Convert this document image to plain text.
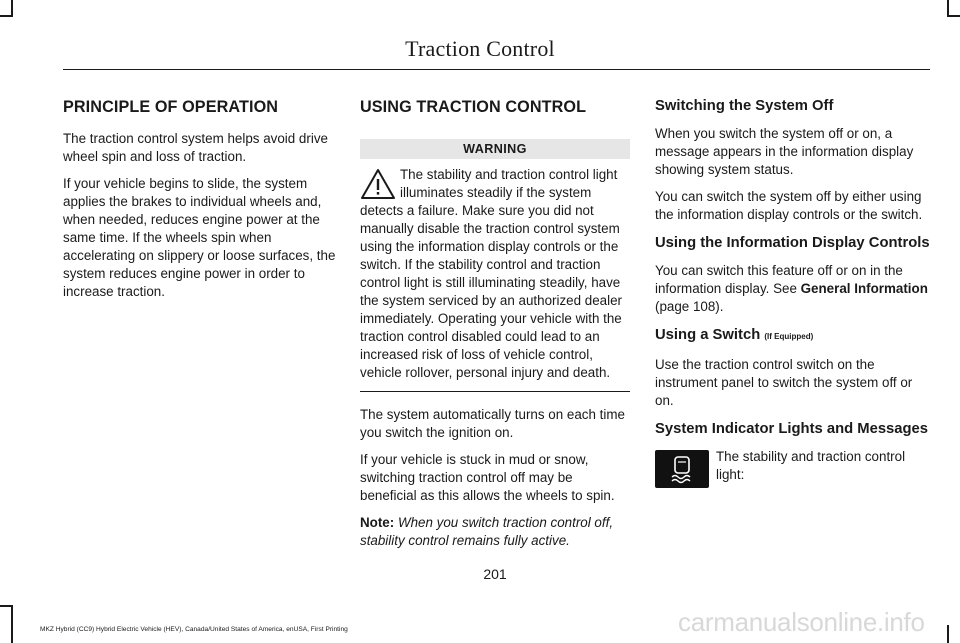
Traction Control
PRINCIPLE OF OPERATION

The traction control system helps avoid drive wheel spin and loss of traction.

If your vehicle begins to slide, the system applies the brakes to individual wheels and, when needed, reduces engine power at the same time. If the wheels spin when accelerating on slippery or loose surfaces, the system reduces engine power in order to increase traction.

USING TRACTION CONTROL
WARNING
The stability and traction control light illuminates steadily if the system detects a failure. Make sure you did not manually disable the traction control system using the information display controls or the switch. If the stability control and traction control light is still illuminating steadily, have the system serviced by an authorized dealer immediately. Operating your vehicle with the traction control disabled could lead to an increased risk of loss of vehicle control, vehicle rollover, personal injury and death.

The system automatically turns on each time you switch the ignition on.

If your vehicle is stuck in mud or snow, switching traction control off may be beneficial as this allows the wheels to spin.

Note: When you switch traction control off, stability control remains fully active.

Switching the System Off

When you switch the system off or on, a message appears in the information display showing system status.

You can switch the system off by either using the information display controls or the switch.

Using the Information Display Controls

You can switch this feature off or on in the information display. See General Information (page 108).

Using a Switch (If Equipped)

Use the traction control switch on the instrument panel to switch the system off or on.

System Indicator Lights and Messages
The stability and traction control light:
201
MKZ Hybrid (CC9) Hybrid Electric Vehicle (HEV), Canada/United States of America, enUSA, First Printing	carmanualsonline.info
